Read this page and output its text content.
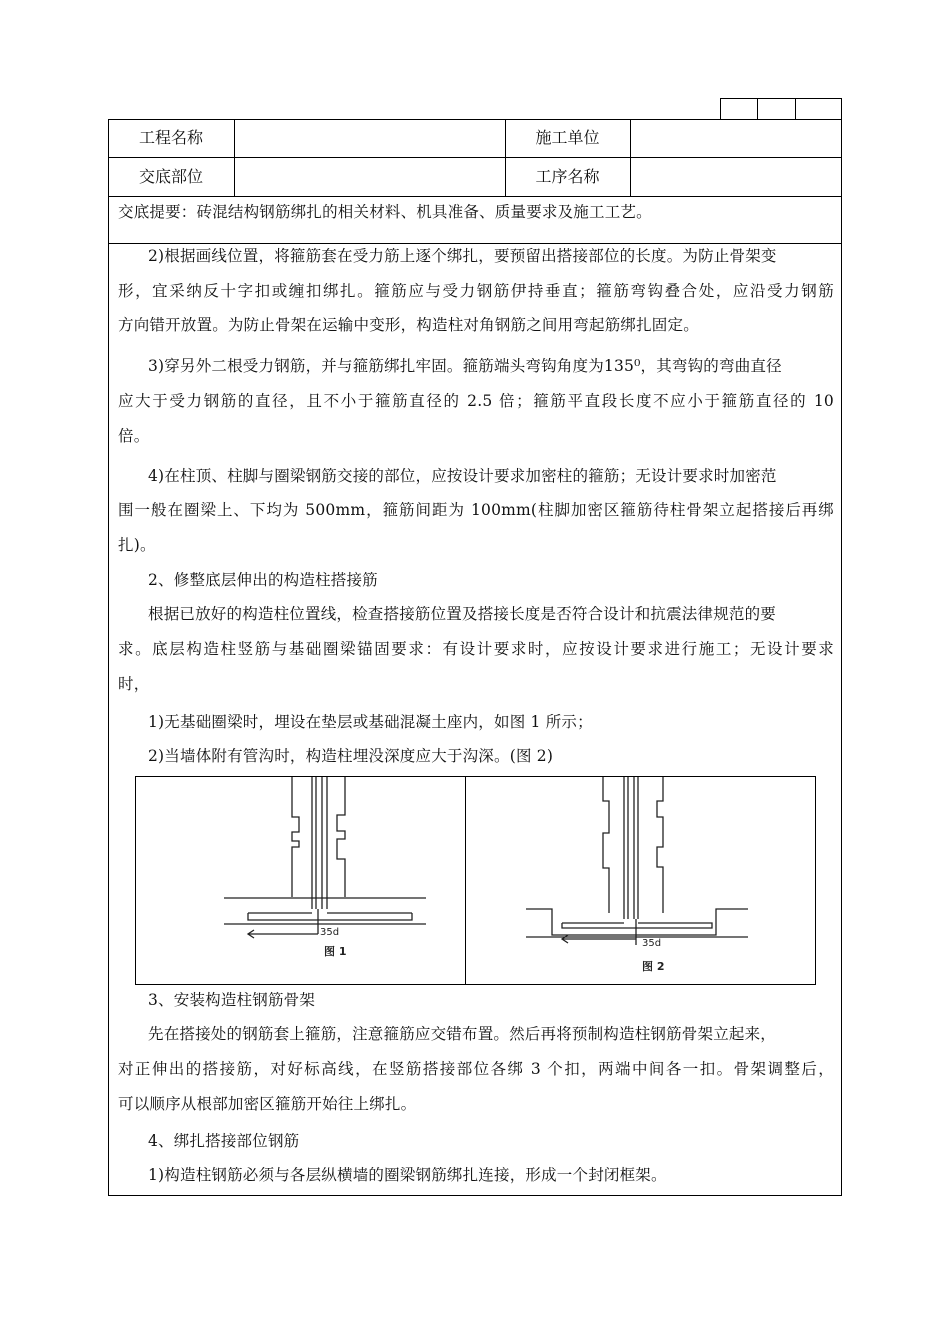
工程名称	施工单位
交底部位	工序名称
交底提要：砖混结构钢筋绑扎的相关材料、机具准备、质量要求及施工工艺。
2)根据画线位置，将箍筋套在受力筋上逐个绑扎，要预留出搭接部位的长度。为防止骨架变
形，宜采纳反十字扣或缠扣绑扎。箍筋应与受力钢筋伊持垂直；箍筋弯钩叠合处，应沿受力钢筋
方向错开放置。为防止骨架在运输中变形，构造柱对角钢筋之间用弯起筋绑扎固定。
3)穿另外二根受力钢筋，并与箍筋绑扎牢固。箍筋端头弯钩角度为135⁰，其弯钩的弯曲直径
应大于受力钢筋的直径，且不小于箍筋直径的 2.5 倍；箍筋平直段长度不应小于箍筋直径的 10
倍。
4)在柱顶、柱脚与圈梁钢筋交接的部位，应按设计要求加密柱的箍筋；无设计要求时加密范
围一般在圈梁上、下均为 500mm，箍筋间距为 100mm(柱脚加密区箍筋待柱骨架立起搭接后再绑
扎)。
2、修整底层伸出的构造柱搭接筋
根据已放好的构造柱位置线，检查搭接筋位置及搭接长度是否符合设计和抗震法律规范的要
求。底层构造柱竖筋与基础圈梁锚固要求：有设计要求时，应按设计要求进行施工；无设计要求
时，
1)无基础圈梁时，埋设在垫层或基础混凝土座内，如图 1 所示；
2)当墙体附有管沟时，构造柱埋没深度应大于沟深。(图 2)
35d
图 1
35d
图 2
3、安装构造柱钢筋骨架
先在搭接处的钢筋套上箍筋，注意箍筋应交错布置。然后再将预制构造柱钢筋骨架立起来，
对正伸出的搭接筋，对好标高线，在竖筋搭接部位各绑 3 个扣，两端中间各一扣。骨架调整后，
可以顺序从根部加密区箍筋开始往上绑扎。
4、绑扎搭接部位钢筋
1)构造柱钢筋必须与各层纵横墙的圈梁钢筋绑扎连接，形成一个封闭框架。
